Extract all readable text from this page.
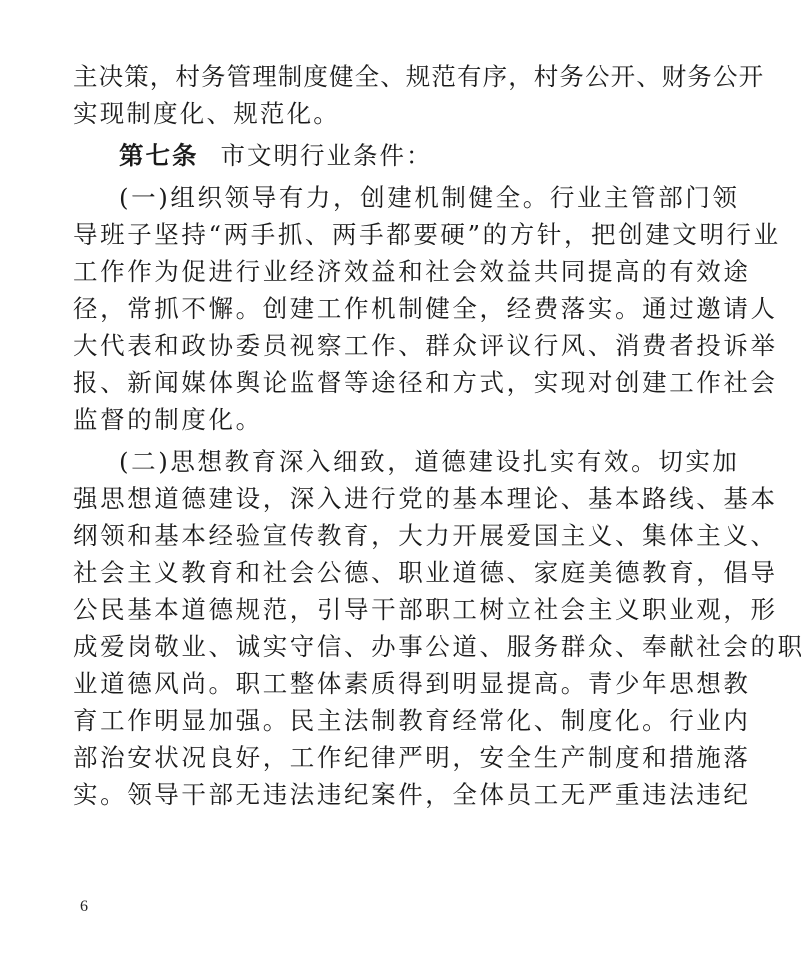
主决策，村务管理制度健全、规范有序，村务公开、财务公开
实现制度化、规范化。
第七条 市文明行业条件：
(一)组织领导有力，创建机制健全。行业主管部门领
导班子坚持“两手抓、两手都要硬”的方针，把创建文明行业
工作作为促进行业经济效益和社会效益共同提高的有效途
径，常抓不懈。创建工作机制健全，经费落实。通过邀请人
大代表和政协委员视察工作、群众评议行风、消费者投诉举
报、新闻媒体舆论监督等途径和方式，实现对创建工作社会
监督的制度化。
(二)思想教育深入细致，道德建设扎实有效。切实加
强思想道德建设，深入进行党的基本理论、基本路线、基本
纲领和基本经验宣传教育，大力开展爱国主义、集体主义、
社会主义教育和社会公德、职业道德、家庭美德教育，倡导
公民基本道德规范，引导干部职工树立社会主义职业观，形
成爱岗敬业、诚实守信、办事公道、服务群众、奉献社会的职
业道德风尚。职工整体素质得到明显提高。青少年思想教
育工作明显加强。民主法制教育经常化、制度化。行业内
部治安状况良好，工作纪律严明，安全生产制度和措施落
实。领导干部无违法违纪案件，全体员工无严重违法违纪
6
